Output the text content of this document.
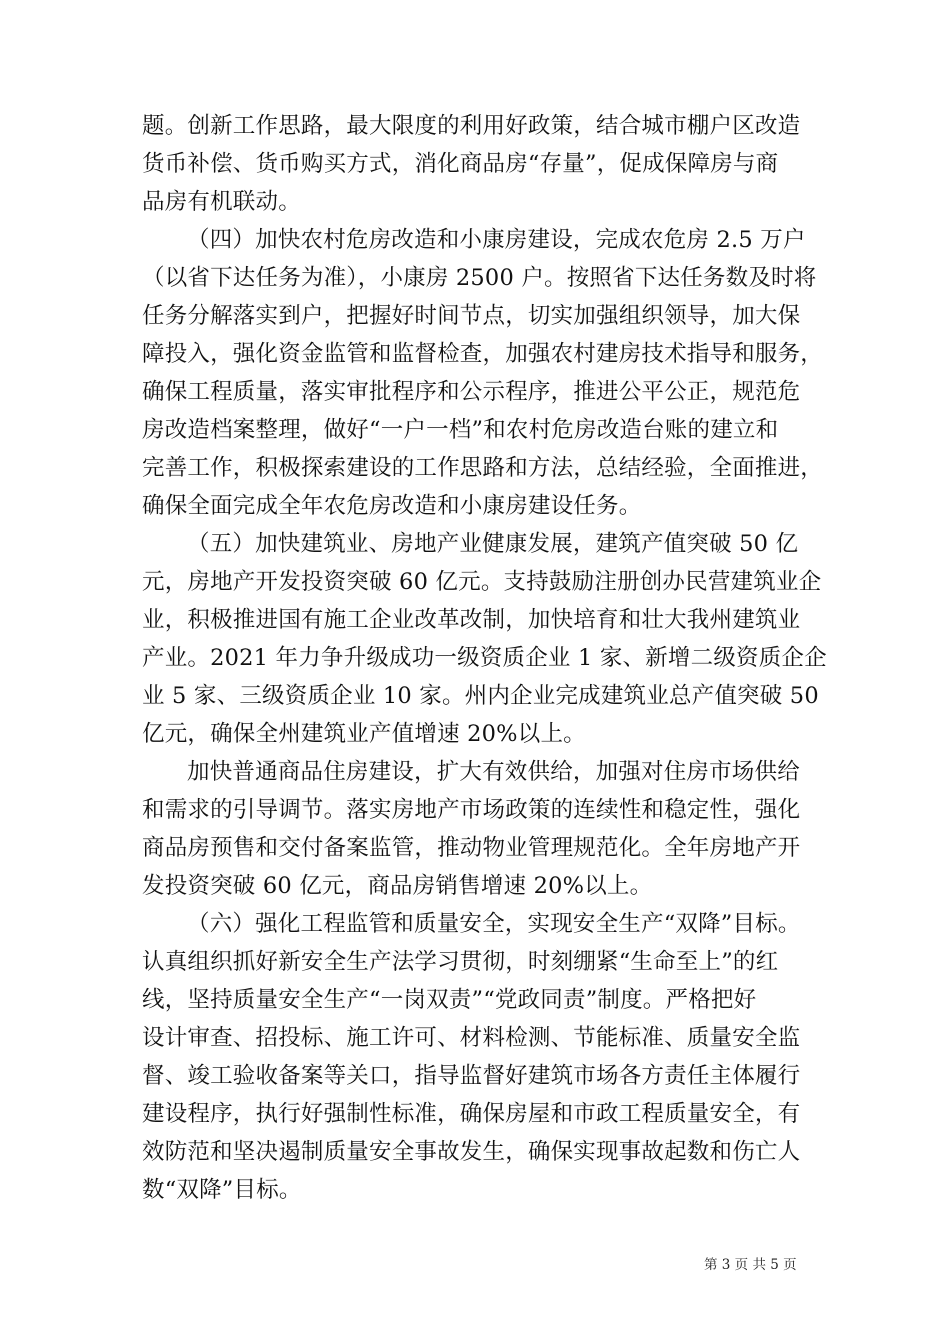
题。创新工作思路，最大限度的利用好政策，结合城市棚户区改造
货币补偿、货币购买方式，消化商品房“存量”，促成保障房与商
品房有机联动。
（四）加快农村危房改造和小康房建设，完成农危房 2.5 万户
（以省下达任务为准），小康房 2500 户。按照省下达任务数及时将
任务分解落实到户，把握好时间节点，切实加强组织领导，加大保
障投入，强化资金监管和监督检查，加强农村建房技术指导和服务，
确保工程质量，落实审批程序和公示程序，推进公平公正，规范危
房改造档案整理，做好“一户一档”和农村危房改造台账的建立和
完善工作，积极探索建设的工作思路和方法，总结经验，全面推进，
确保全面完成全年农危房改造和小康房建设任务。
（五）加快建筑业、房地产业健康发展，建筑产值突破 50 亿
元，房地产开发投资突破 60 亿元。支持鼓励注册创办民营建筑业企
业，积极推进国有施工企业改革改制，加快培育和壮大我州建筑业
产业。2021 年力争升级成功一级资质企业 1 家、新增二级资质企企
业 5 家、三级资质企业 10 家。州内企业完成建筑业总产值突破 50
亿元，确保全州建筑业产值增速 20%以上。
加快普通商品住房建设，扩大有效供给，加强对住房市场供给
和需求的引导调节。落实房地产市场政策的连续性和稳定性，强化
商品房预售和交付备案监管，推动物业管理规范化。全年房地产开
发投资突破 60 亿元，商品房销售增速 20%以上。
（六）强化工程监管和质量安全，实现安全生产“双降”目标。
认真组织抓好新安全生产法学习贯彻，时刻绷紧“生命至上”的红
线，坚持质量安全生产“一岗双责”“党政同责”制度。严格把好
设计审查、招投标、施工许可、材料检测、节能标准、质量安全监
督、竣工验收备案等关口，指导监督好建筑市场各方责任主体履行
建设程序，执行好强制性标准，确保房屋和市政工程质量安全，有
效防范和坚决遏制质量安全事故发生，确保实现事故起数和伤亡人
数“双降”目标。
第 3 页 共 5 页
